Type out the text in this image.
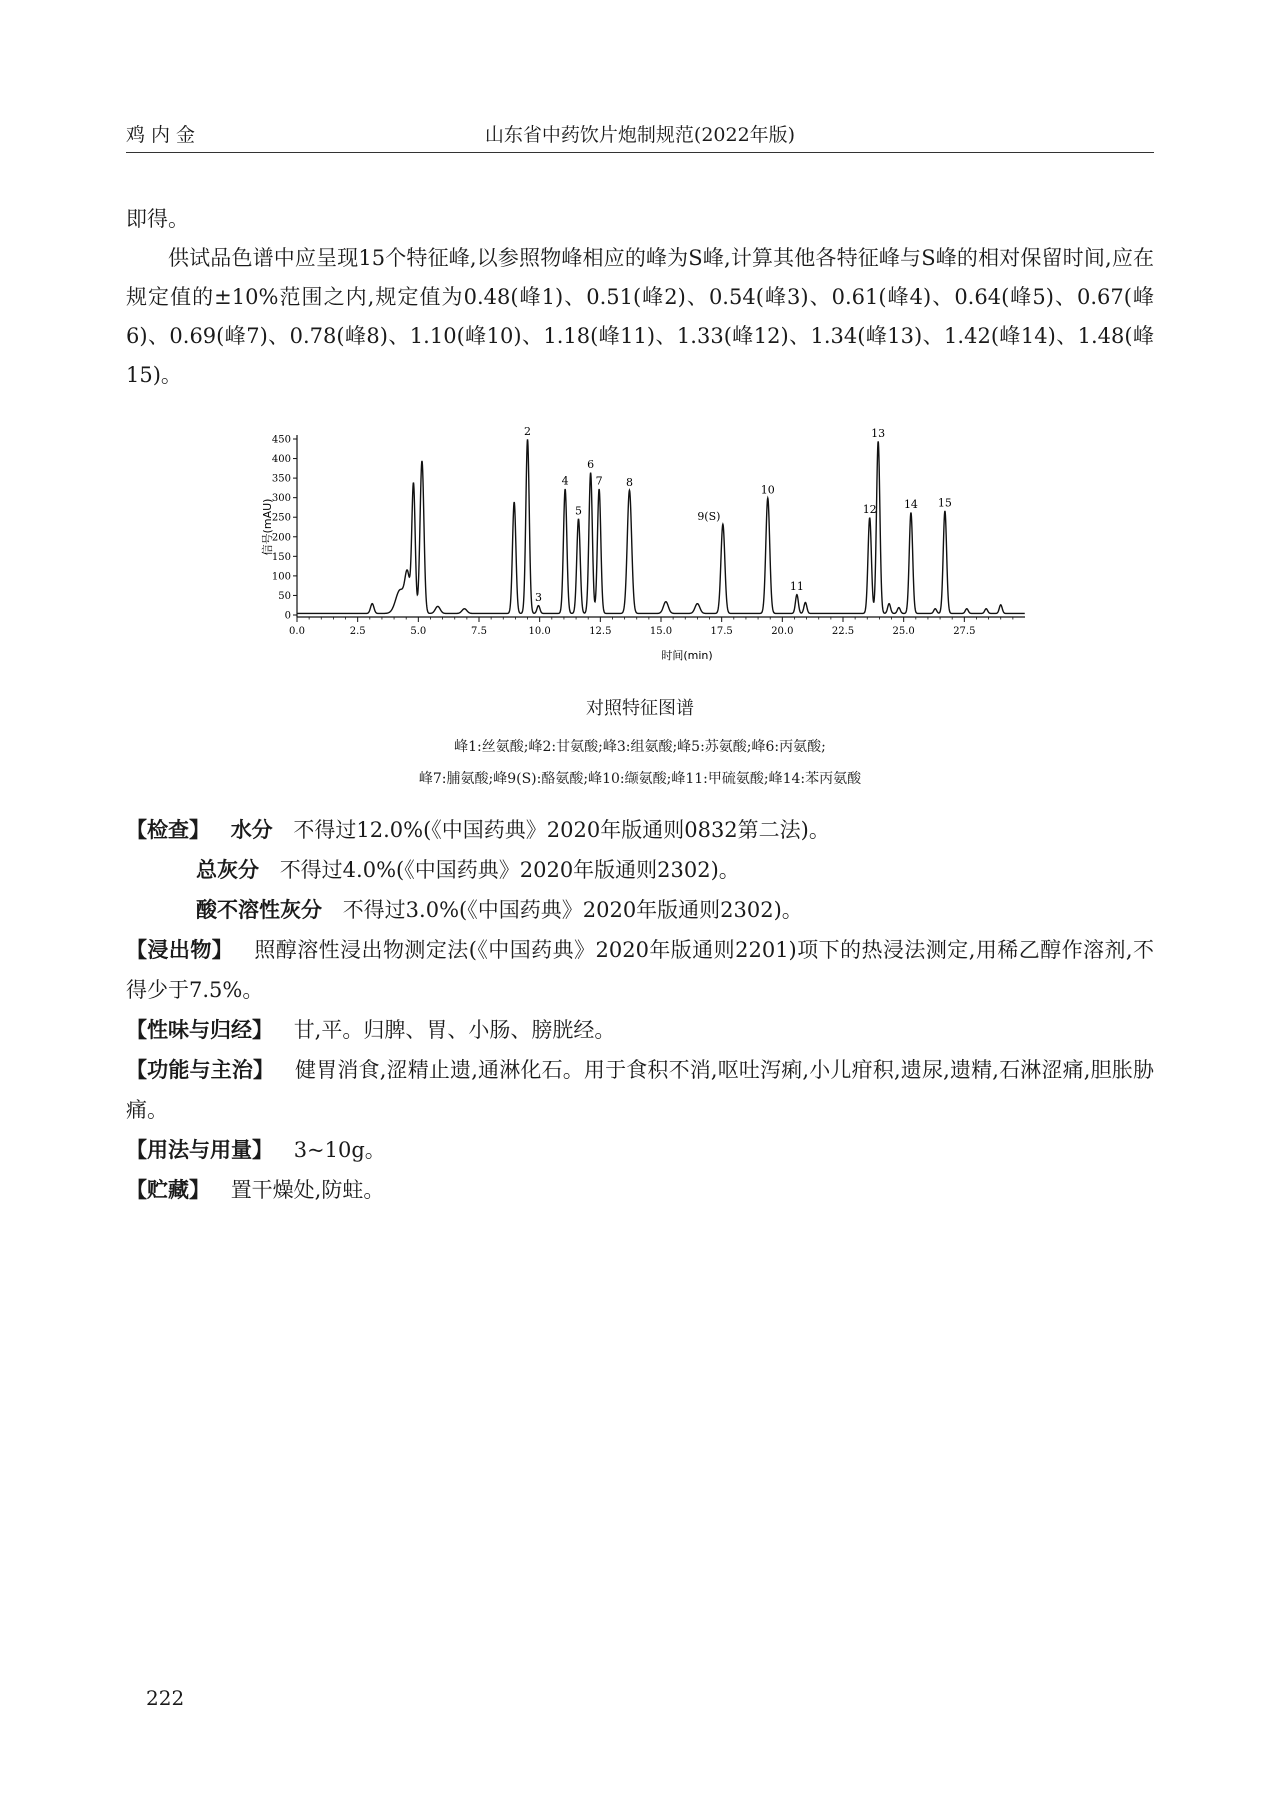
鸡内金	山东省中药饮片炮制规范(2022年版)

即得。

供试品色谱中应呈现15个特征峰,以参照物峰相应的峰为S峰,计算其他各特征峰与S峰的相对保留时间,应在规定值的±10%范围之内,规定值为0.48(峰1)、0.51(峰2)、0.54(峰3)、0.61(峰4)、0.64(峰5)、0.67(峰6)、0.69(峰7)、0.78(峰8)、1.10(峰10)、1.18(峰11)、1.33(峰12)、1.34(峰13)、1.42(峰14)、1.48(峰15)。

0
50
100
150
200
250
300
350
400
450
0.0	2.5	5.0	7.5	10.0	12.5	15.0	17.5	20.0	22.5	25.0	27.5
2
3
4
5
6
7 8
9(S)
10
11
12
13
14 15
时间(min)
信号(mAU)
对照特征图谱
峰1:丝氨酸;峰2:甘氨酸;峰3:组氨酸;峰5:苏氨酸;峰6:丙氨酸;
峰7:脯氨酸;峰9(S):酪氨酸;峰10:缬氨酸;峰11:甲硫氨酸;峰14:苯丙氨酸

【检查】 水分 不得过12.0%(《中国药典》2020年版通则0832第二法)。

总灰分 不得过4.0%(《中国药典》2020年版通则2302)。

酸不溶性灰分 不得过3.0%(《中国药典》2020年版通则2302)。

【浸出物】 照醇溶性浸出物测定法(《中国药典》2020年版通则2201)项下的热浸法测定,用稀乙醇作溶剂,不得少于7.5%。

【性味与归经】 甘,平。归脾、胃、小肠、膀胱经。

【功能与主治】 健胃消食,涩精止遗,通淋化石。用于食积不消,呕吐泻痢,小儿疳积,遗尿,遗精,石淋涩痛,胆胀胁痛。

【用法与用量】 3~10g。

【贮藏】 置干燥处,防蛀。

222
